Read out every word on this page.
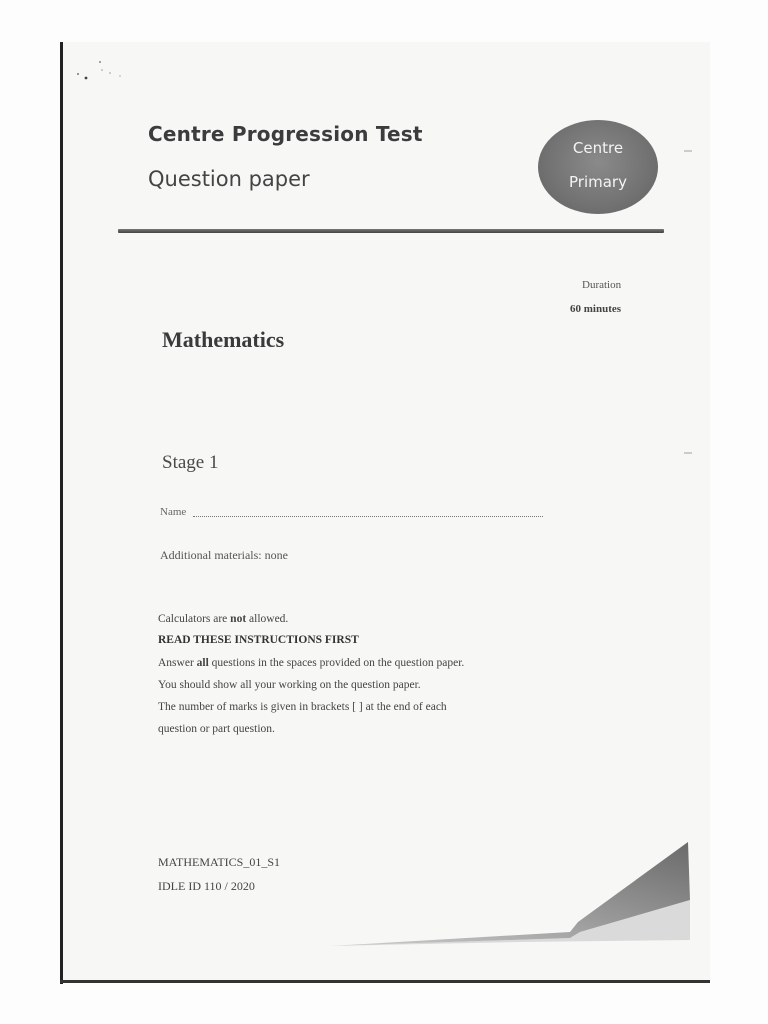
Centre Progression Test
Question paper
Centre
Primary
Duration
60 minutes
Mathematics
Stage 1
Name
Additional materials: none
Calculators are not allowed.
READ THESE INSTRUCTIONS FIRST
Answer all questions in the spaces provided on the question paper.
You should show all your working on the question paper.
The number of marks is given in brackets [ ] at the end of each
question or part question.
MATHEMATICS_01_S1
IDLE ID 110 / 2020
